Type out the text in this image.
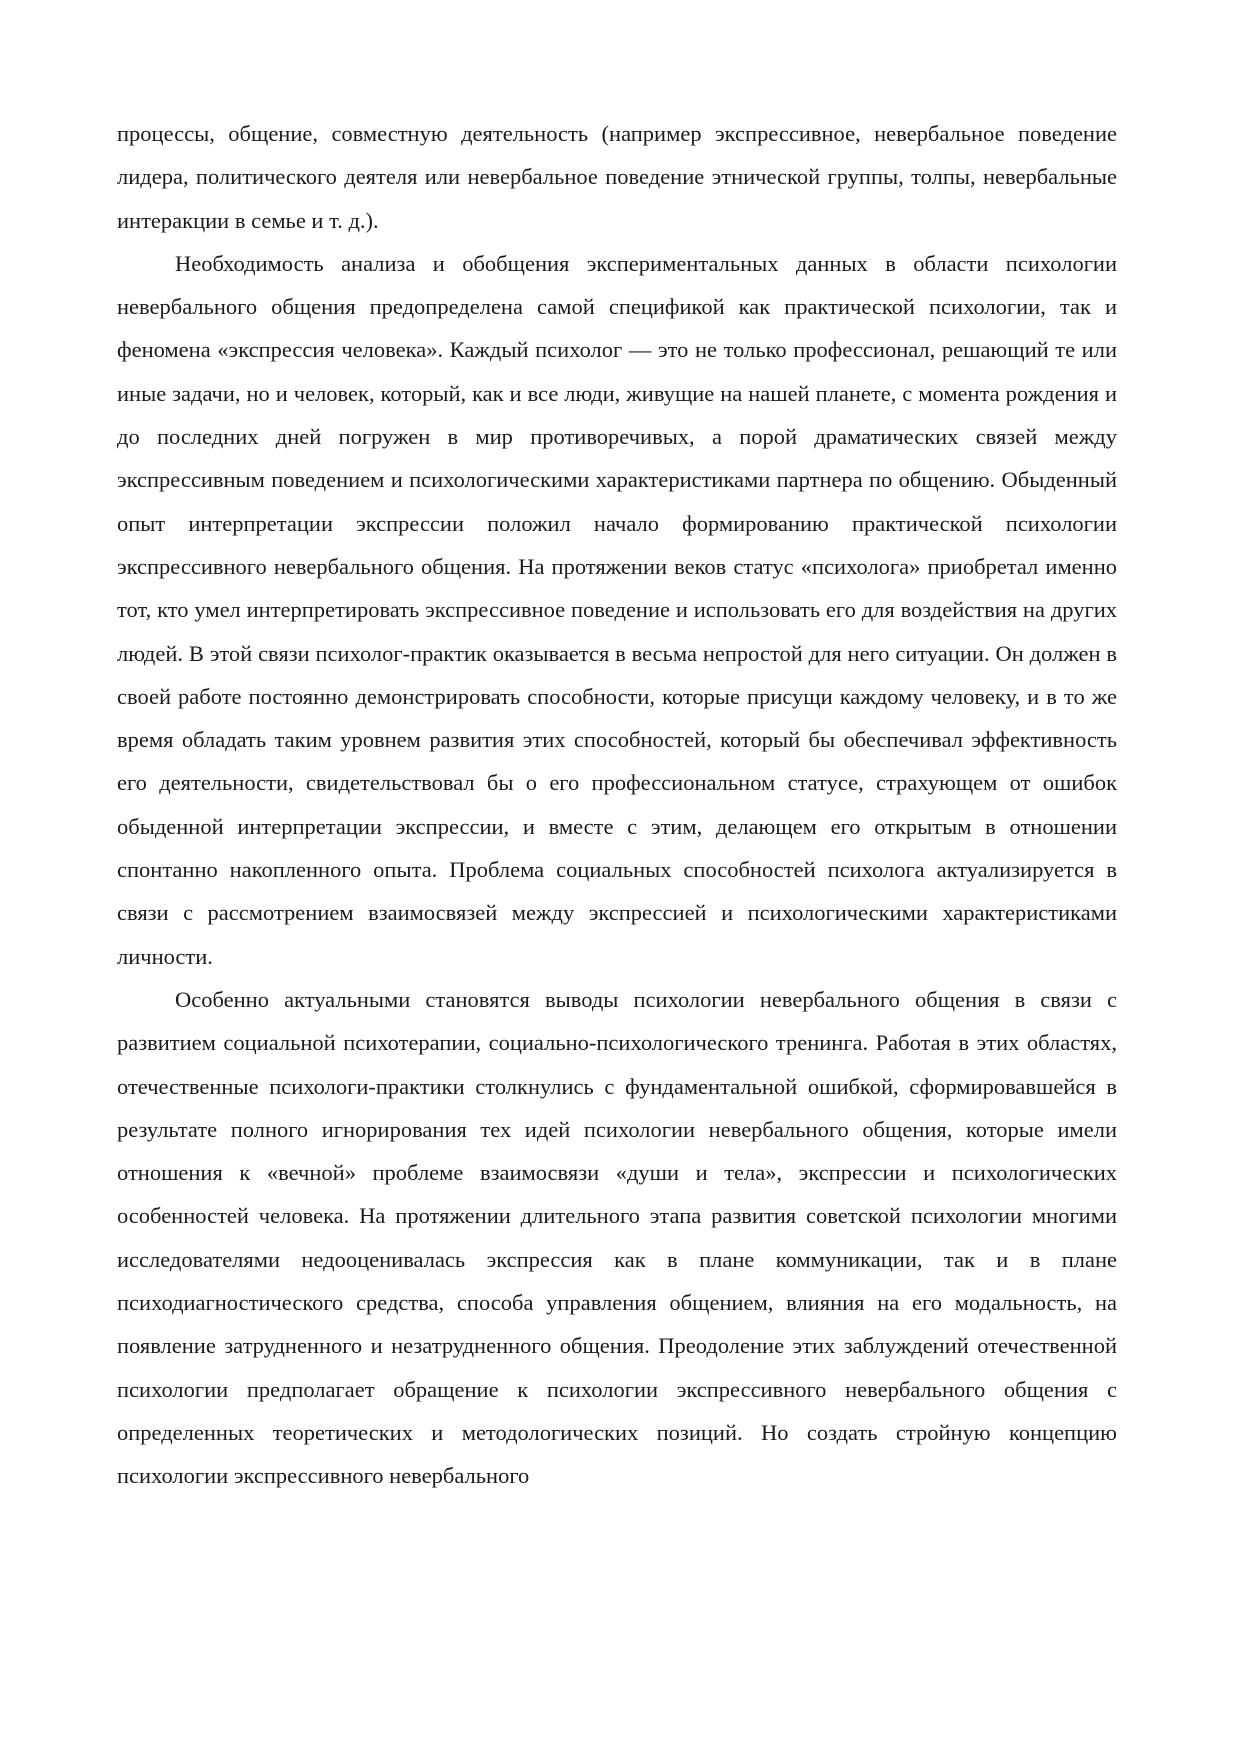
процессы, общение, совместную деятельность (например экспрессивное, невербальное поведение лидера, политического деятеля или невербальное поведение этнической группы, толпы, невербальные интеракции в семье и т. д.).

Необходимость анализа и обобщения экспериментальных данных в области психологии невербального общения предопределена самой спецификой как практической психологии, так и феномена «экспрессия человека». Каждый психолог — это не только профессионал, решающий те или иные задачи, но и человек, который, как и все люди, живущие на нашей планете, с момента рождения и до последних дней погружен в мир противоречивых, а порой драматических связей между экспрессивным поведением и психологическими характеристиками партнера по общению. Обыденный опыт интерпретации экспрессии положил начало формированию практической психологии экспрессивного невербального общения. На протяжении веков статус «психолога» приобретал именно тот, кто умел интерпретировать экспрессивное поведение и использовать его для воздействия на других людей. В этой связи психолог-практик оказывается в весьма непростой для него ситуации. Он должен в своей работе постоянно демонстрировать способности, которые присущи каждому человеку, и в то же время обладать таким уровнем развития этих способностей, который бы обеспечивал эффективность его деятельности, свидетельствовал бы о его профессиональном статусе, страхующем от ошибок обыденной интерпретации экспрессии, и вместе с этим, делающем его открытым в отношении спонтанно накопленного опыта. Проблема социальных способностей психолога актуализируется в связи с рассмотрением взаимосвязей между экспрессией и психологическими характеристиками личности.

Особенно актуальными становятся выводы психологии невербального общения в связи с развитием социальной психотерапии, социально-психологического тренинга. Работая в этих областях, отечественные психологи-практики столкнулись с фундаментальной ошибкой, сформировавшейся в результате полного игнорирования тех идей психологии невербального общения, которые имели отношения к «вечной» проблеме взаимосвязи «души и тела», экспрессии и психологических особенностей человека. На протяжении длительного этапа развития советской психологии многими исследователями недооценивалась экспрессия как в плане коммуникации, так и в плане психодиагностического средства, способа управления общением, влияния на его модальность, на появление затрудненного и незатрудненного общения. Преодоление этих заблуждений отечественной психологии предполагает обращение к психологии экспрессивного невербального общения с определенных теоретических и методологических позиций. Но создать стройную концепцию психологии экспрессивного невербального
